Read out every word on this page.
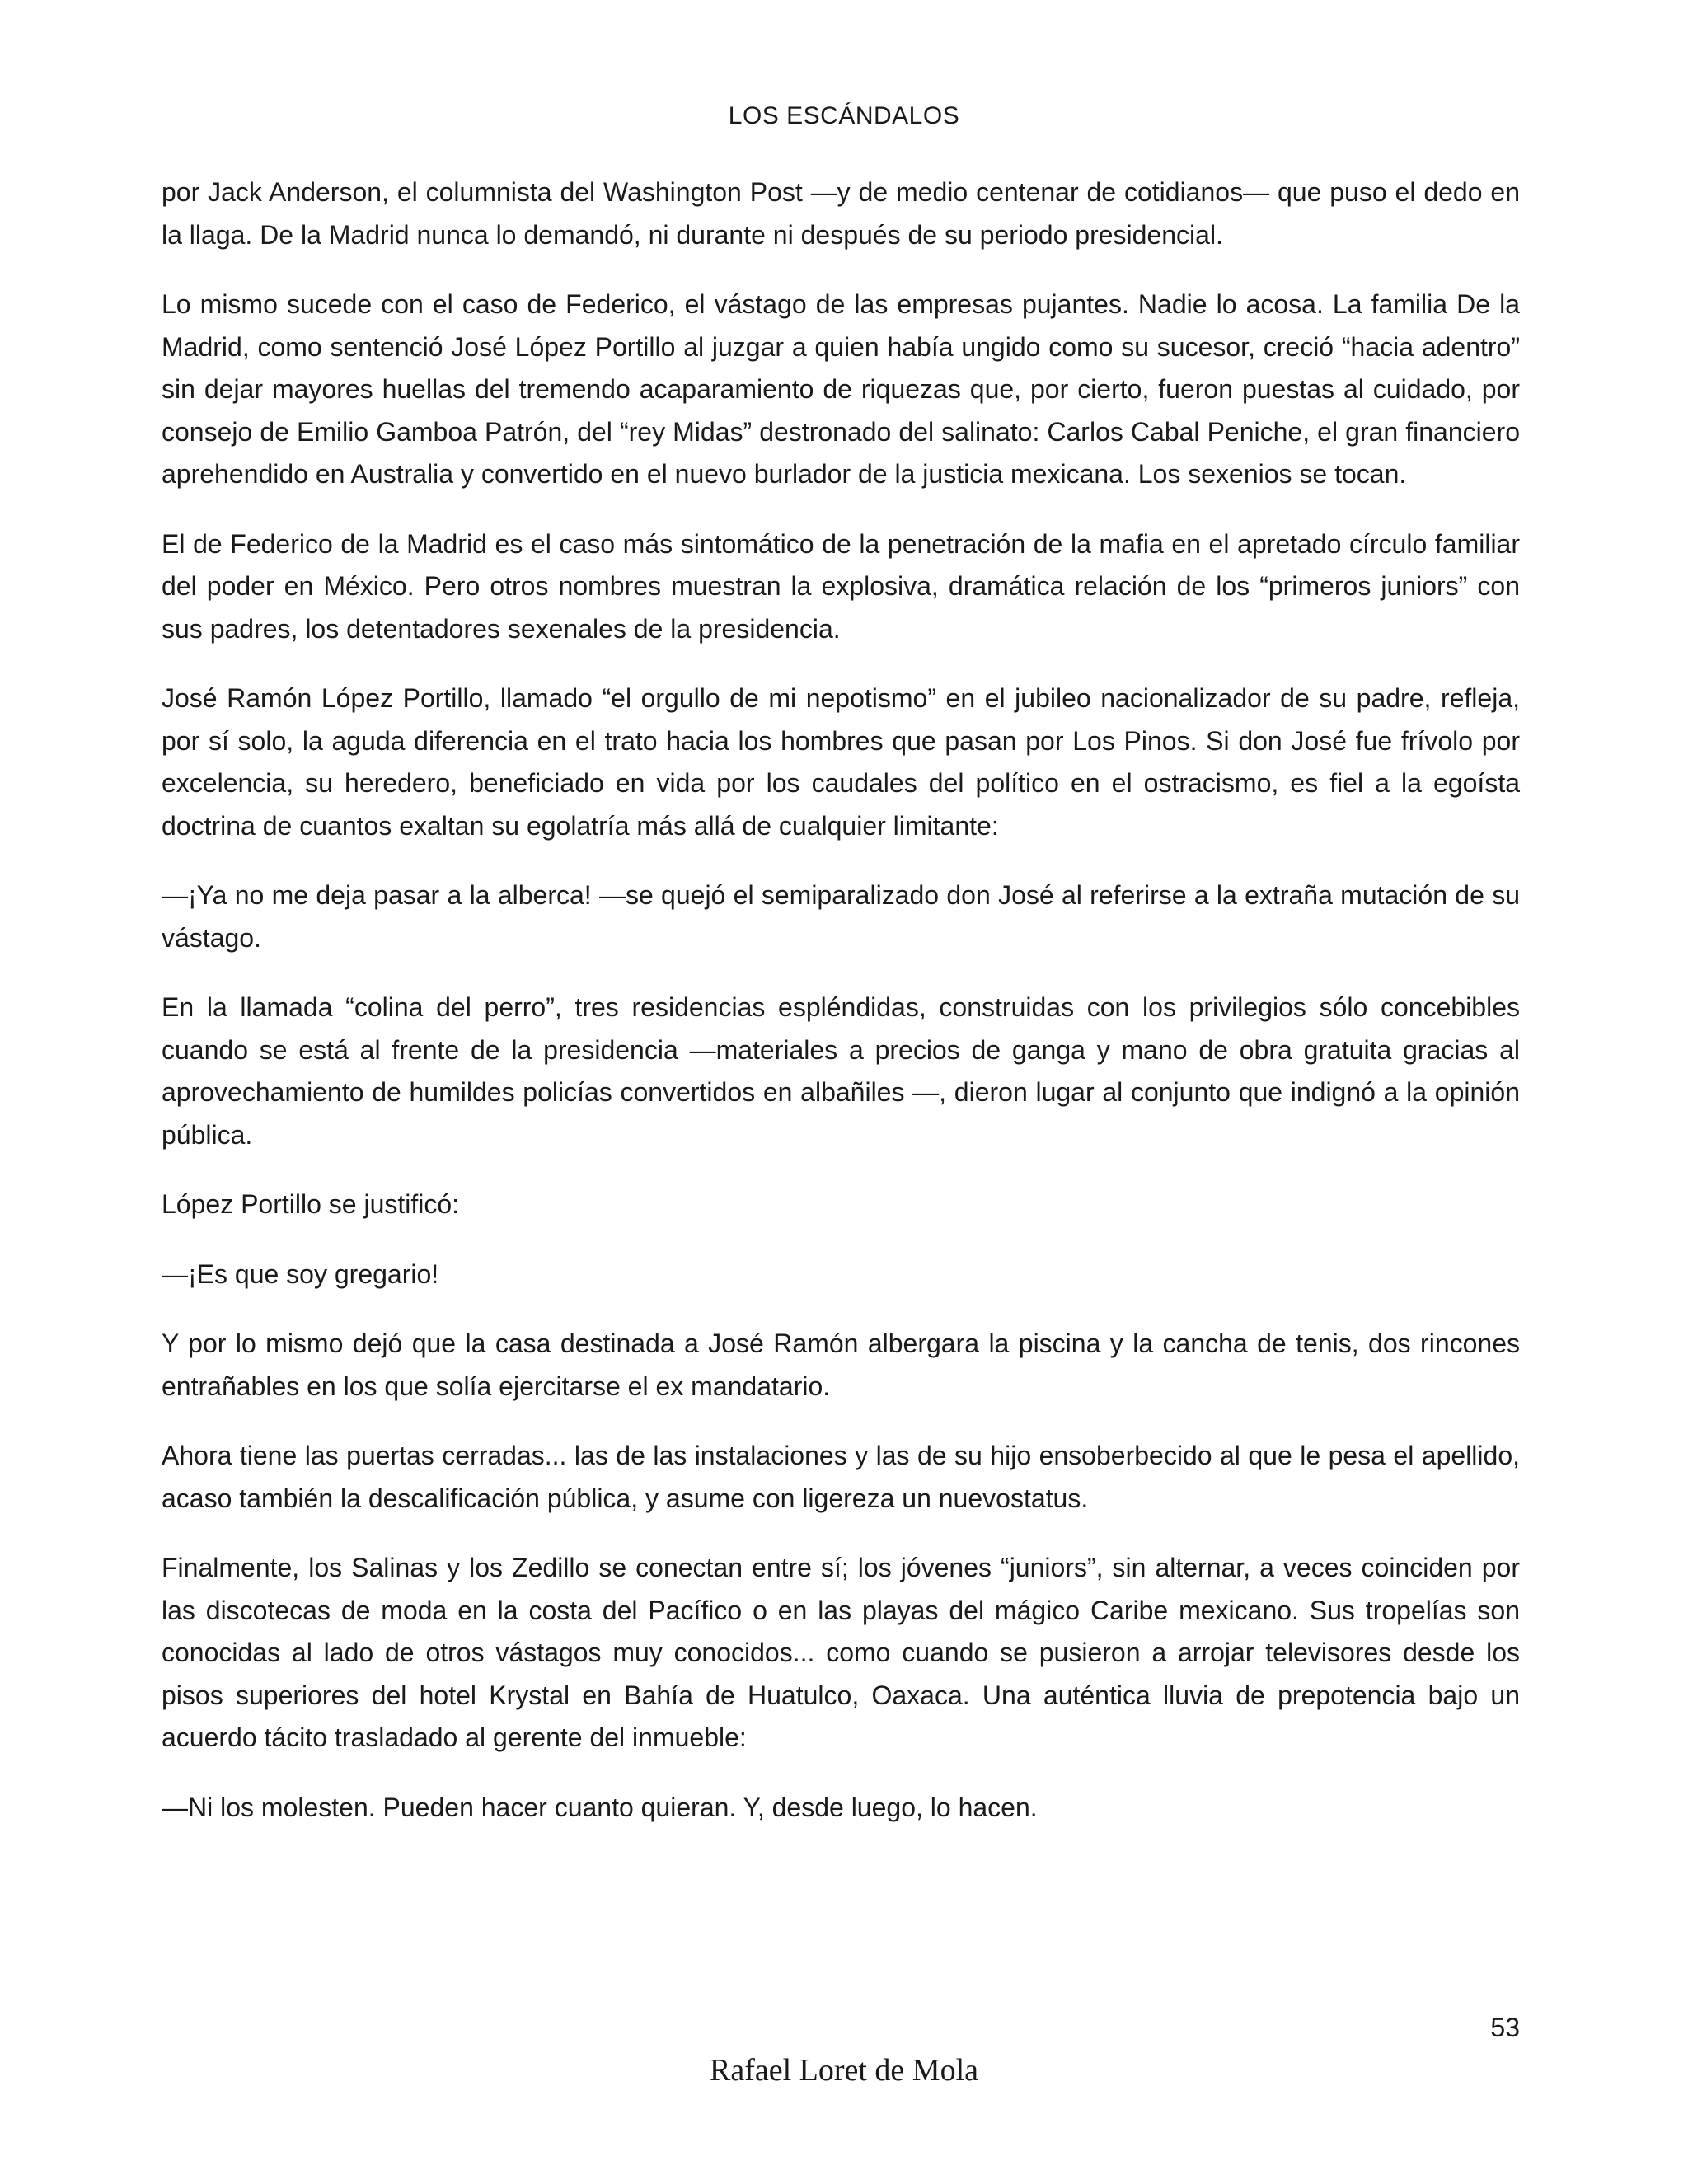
LOS ESCÁNDALOS

por Jack Anderson, el columnista del Washington Post —y de medio centenar de cotidianos— que puso el dedo en la llaga. De la Madrid nunca lo demandó, ni durante ni después de su periodo presidencial.

Lo mismo sucede con el caso de Federico, el vástago de las empresas pujantes. Nadie lo acosa. La familia De la Madrid, como sentenció José López Portillo al juzgar a quien había ungido como su sucesor, creció “hacia adentro” sin dejar mayores huellas del tremendo acaparamiento de riquezas que, por cierto, fueron puestas al cuidado, por consejo de Emilio Gamboa Patrón, del “rey Midas” destronado del salinato: Carlos Cabal Peniche, el gran financiero aprehendido en Australia y convertido en el nuevo burlador de la justicia mexicana. Los sexenios se tocan.

El de Federico de la Madrid es el caso más sintomático de la penetración de la mafia en el apretado círculo familiar del poder en México. Pero otros nombres muestran la explosiva, dramática relación de los “primeros juniors” con sus padres, los detentadores sexenales de la presidencia.

José Ramón López Portillo, llamado “el orgullo de mi nepotismo” en el jubileo nacionalizador de su padre, refleja, por sí solo, la aguda diferencia en el trato hacia los hombres que pasan por Los Pinos. Si don José fue frívolo por excelencia, su heredero, beneficiado en vida por los caudales del político en el ostracismo, es fiel a la egoísta doctrina de cuantos exaltan su egolatría más allá de cualquier limitante:

—¡Ya no me deja pasar a la alberca! —se quejó el semiparalizado don José al referirse a la extraña mutación de su vástago.

En la llamada “colina del perro”, tres residencias espléndidas, construidas con los privilegios sólo concebibles cuando se está al frente de la presidencia —materiales a precios de ganga y mano de obra gratuita gracias al aprovechamiento de humildes policías convertidos en albañiles —, dieron lugar al conjunto que indignó a la opinión pública.

López Portillo se justificó:

—¡Es que soy gregario!

Y por lo mismo dejó que la casa destinada a José Ramón albergara la piscina y la cancha de tenis, dos rincones entrañables en los que solía ejercitarse el ex mandatario.

Ahora tiene las puertas cerradas... las de las instalaciones y las de su hijo ensoberbecido al que le pesa el apellido, acaso también la descalificación pública, y asume con ligereza un nuevostatus.

Finalmente, los Salinas y los Zedillo se conectan entre sí; los jóvenes “juniors”, sin alternar, a veces coinciden por las discotecas de moda en la costa del Pacífico o en las playas del mágico Caribe mexicano. Sus tropelías son conocidas al lado de otros vástagos muy conocidos... como cuando se pusieron a arrojar televisores desde los pisos superiores del hotel Krystal en Bahía de Huatulco, Oaxaca. Una auténtica lluvia de prepotencia bajo un acuerdo tácito trasladado al gerente del inmueble:

—Ni los molesten. Pueden hacer cuanto quieran. Y, desde luego, lo hacen.

53
Rafael Loret de Mola
